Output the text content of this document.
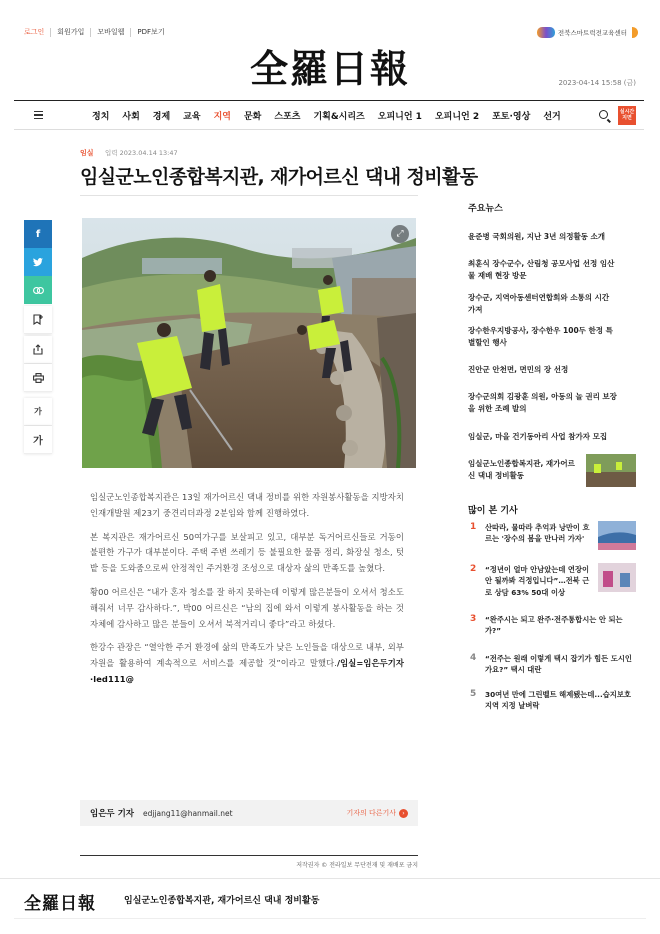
로그인	회원가입	모바일웹	PDF보기	전북스마트럭전교육센터
全羅日報	2023-04-14 15:58 (금)
정치 사회 경제 교육 지역 문화 스포츠 기획&시리즈 오피니언 1 오피니언 2 포토·영상 선거	실시간 지면
임실 입력 2023.04.14 13:47
임실군노인종합복지관, 재가어르신 댁내 정비활동
f
가
가
⤢

임실군노인종합복지관은 13일 재가어르신 댁내 정비를 위한 자원봉사활동을 지방자치인재개발원 제23기 중견리더과정 2분임와 함께 진행하였다.

본 복지관은 재가어르신 50여가구를 보살피고 있고, 대부분 독거어르신들로 거동이 불편한 가구가 대부분이다. 주택 주변 쓰레기 등 불필요한 물품 정리, 화장실 청소, 텃밭 등을 도와줌으로써 안정적인 주거환경 조성으로 대상자 삶의 만족도를 높혔다.

황00 어르신은 “내가 혼자 청소를 잘 하지 못하는데 이렇게 많은분들이 오셔서 청소도 해줘서 너무 감사하다.”, 박00 어르신은 “남의 집에 와서 이렇게 봉사활동을 하는 것 자체에 감사하고 많은 분들이 오셔서 북적거리니 좋다”라고 하셨다.

한강수 관장은 “열악한 주거 환경에 삶의 만족도가 낮은 노인들을 대상으로 내부, 외부 자원을 활용하여 계속적으로 서비스를 제공할 것”이라고 말했다./임실=임은두기자·led111@

임은두 기자 edjjang11@hanmail.net	기자의 다른기사	›
저작권자 © 전라일보 무단전재 및 재배포 금지
주요뉴스
윤준병 국회의원, 지난 3년 의정활동 소개
최훈식 장수군수, 산림청 공모사업 선정 임산물 재배 현장 방문
장수군, 지역아동센터연합회와 소통의 시간 가져
장수한우지방공사, 장수한우 100두 한정 특별할인 행사
진안군 안천면, 면민의 장 선정
장수군의회 김광훈 의원, 아동의 놀 권리 보장을 위한 조례 발의
임실군, 마을 건기동아리 사업 참가자 모집
임실군노인종합복지관, 재가어르신 댁내 정비활동
많이 본 기사
1 산따라, 물따라 추억과 낭만이 흐르는 '장수의 봄을 만나러 가자'
2 “정년이 얼마 안남았는데 연장이 안 될까봐 걱정입니다”…전북 근로 상담 63% 50대 이상
3 “완주시는 되고 완주·전주통합시는 안 되는 가?”
4 “전주는 원래 이렇게 택시 잡기가 힘든 도시인가요?” 택시 대란
5 30여년 만에 그린벨트 해제됐는데...습지보호지역 지정 날벼락
全羅日報	임실군노인종합복지관, 재가어르신 댁내 정비활동
